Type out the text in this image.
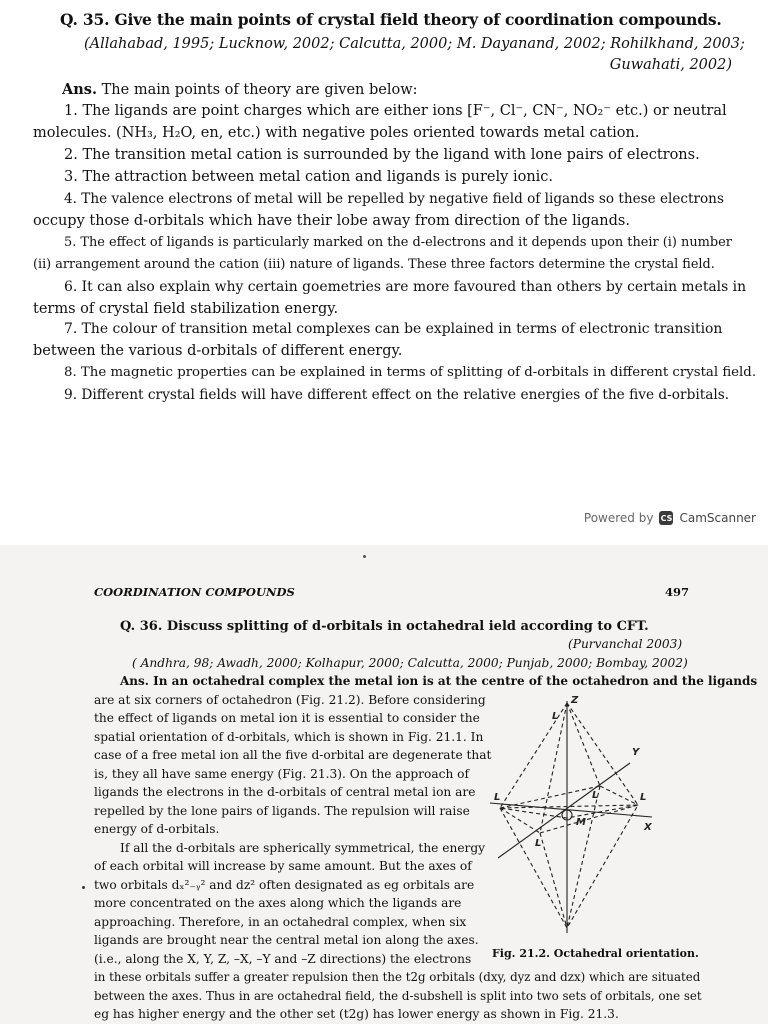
Q. 35. Give the main points of crystal field theory of coordination compounds.
(Allahabad, 1995; Lucknow, 2002; Calcutta, 2000; M. Dayanand, 2002; Rohilkhand, 2003;
Guwahati, 2002)
Ans. The main points of theory are given below:
1. The ligands are point charges which are either ions [F⁻, Cl⁻, CN⁻, NO₂⁻ etc.) or neutral
molecules. (NH₃, H₂O, en, etc.) with negative poles oriented towards metal cation.
2. The transition metal cation is surrounded by the ligand with lone pairs of electrons.
3. The attraction between metal cation and ligands is purely ionic.
4. The valence electrons of metal will be repelled by negative field of ligands so these electrons
occupy those d-orbitals which have their lobe away from direction of the ligands.
5. The effect of ligands is particularly marked on the d-electrons and it depends upon their (i) number
(ii) arrangement around the cation (iii) nature of ligands. These three factors determine the crystal field.
6. It can also explain why certain goemetries are more favoured than others by certain metals in
terms of crystal field stabilization energy.
7. The colour of transition metal complexes can be explained in terms of electronic transition
between the various d-orbitals of different energy.
8. The magnetic properties can be explained in terms of splitting of d-orbitals in different crystal field.
9. Different crystal fields will have different effect on the relative energies of the five d-orbitals.
Powered by CS CamScanner
COORDINATION COMPOUNDS	497
Q. 36. Discuss splitting of d-orbitals in octahedral ield according to CFT.
(Purvanchal 2003)
( Andhra, 98; Awadh, 2000; Kolhapur, 2000; Calcutta, 2000; Punjab, 2000; Bombay, 2002)
Ans. In an octahedral complex the metal ion is at the centre of the octahedron and the ligands
are at six corners of octahedron (Fig. 21.2). Before considering
the effect of ligands on metal ion it is essential to consider the
spatial orientation of d-orbitals, which is shown in Fig. 21.1. In
case of a free metal ion all the five d-orbital are degenerate that
is, they all have same energy (Fig. 21.3). On the approach of
ligands the electrons in the d-orbitals of central metal ion are
repelled by the lone pairs of ligands. The repulsion will raise
energy of d-orbitals.
If all the d-orbitals are spherically symmetrical, the energy
of each orbital will increase by same amount. But the axes of
two orbitals dₓ²₋ᵧ² and dz² often designated as eg orbitals are
more concentrated on the axes along which the ligands are
approaching. Therefore, in an octahedral complex, when six
ligands are brought near the central metal ion along the axes.
(i.e., along the X, Y, Z, –X, –Y and –Z directions) the electrons
in these orbitals suffer a greater repulsion then the t2g orbitals (dxy, dyz and dzx) which are situated
between the axes. Thus in are octahedral field, the d-subshell is split into two sets of orbitals, one set
eg has higher energy and the other set (t2g) has lower energy as shown in Fig. 21.3.
Z
L
Y
L	L
X
L
M
L
Fig. 21.2. Octahedral orientation.
